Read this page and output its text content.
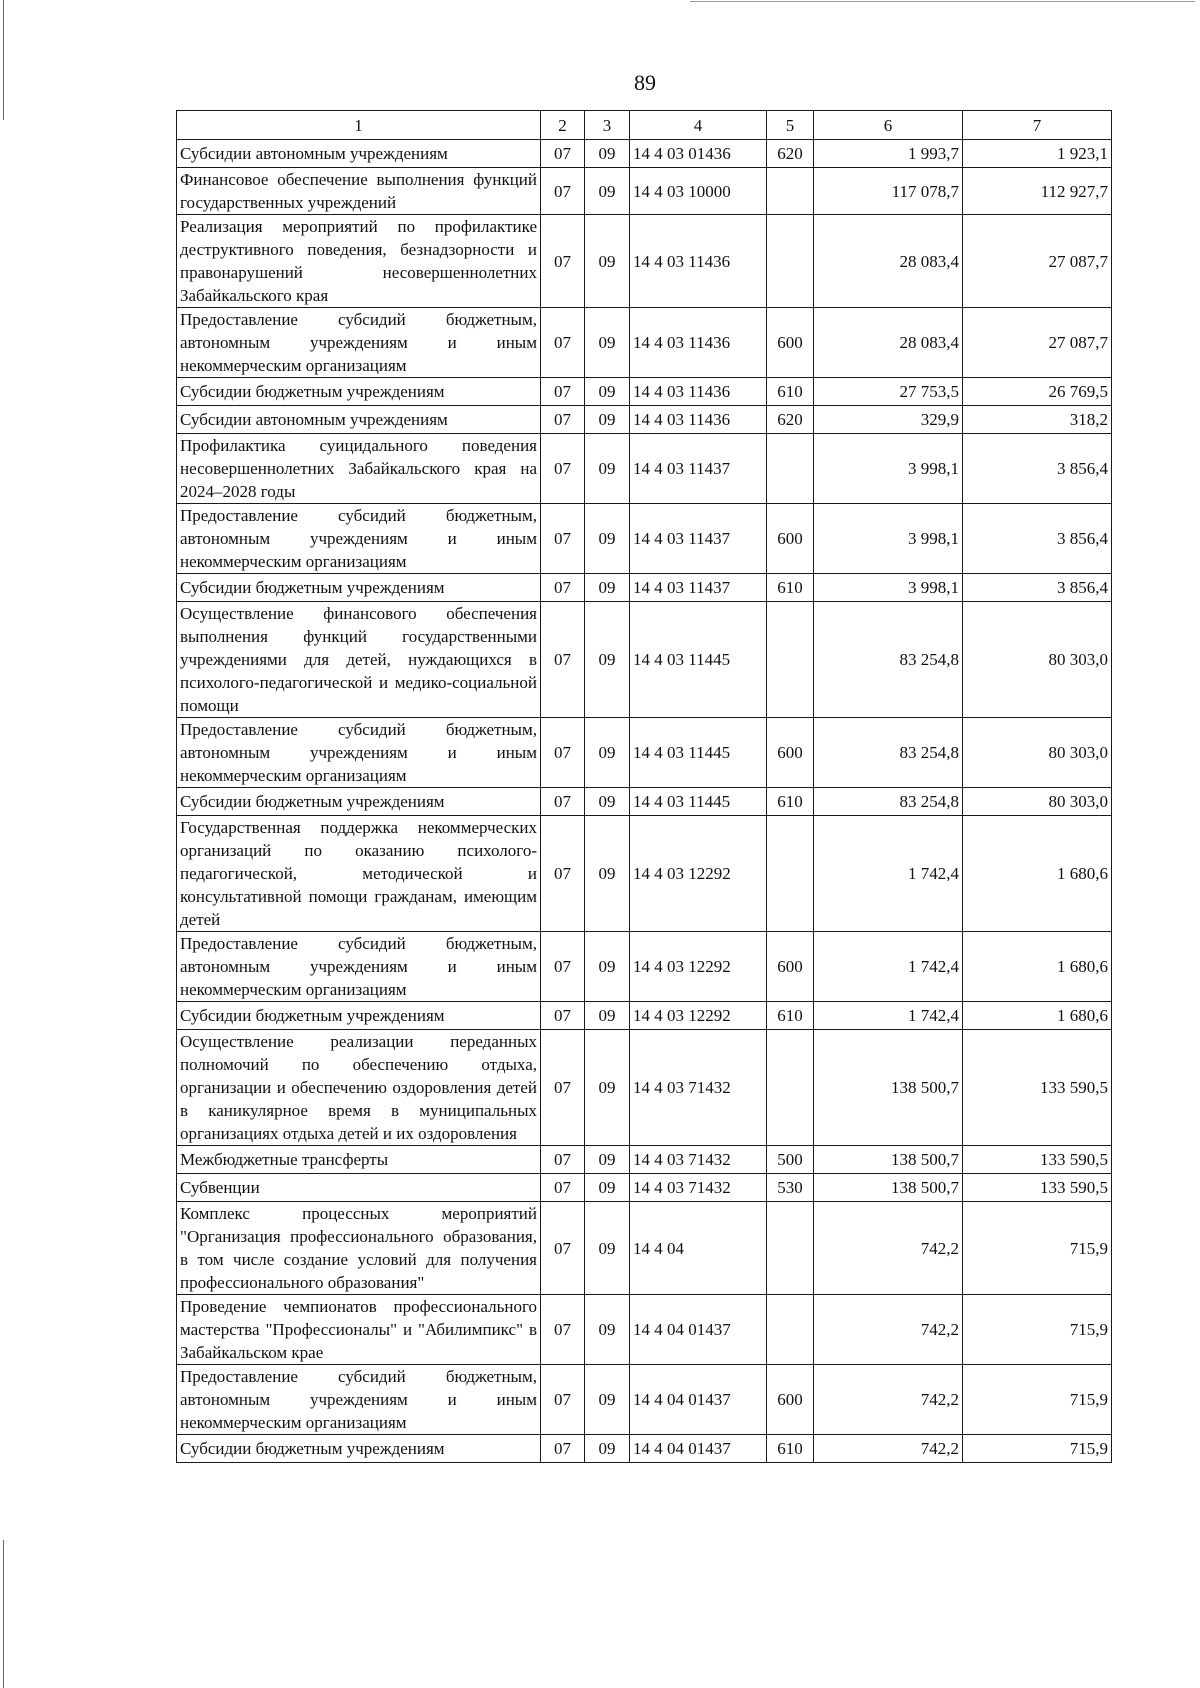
89
1	2	3	4	5	6	7
Субсидии автономным учреждениям	07	09	14 4 03 01436	620	1 993,7	1 923,1
Финансовое обеспечение выполнения функций государственных учреждений	07	09	14 4 03 10000		117 078,7	112 927,7
Реализация мероприятий по профилактике деструктивного поведения, безнадзорности и правонарушений несовершеннолетних Забайкальского края	07	09	14 4 03 11436		28 083,4	27 087,7
Предоставление субсидий бюджетным, автономным учреждениям и иным некоммерческим организациям	07	09	14 4 03 11436	600	28 083,4	27 087,7
Субсидии бюджетным учреждениям	07	09	14 4 03 11436	610	27 753,5	26 769,5
Субсидии автономным учреждениям	07	09	14 4 03 11436	620	329,9	318,2
Профилактика суицидального поведения несовершеннолетних Забайкальского края на 2024–2028 годы	07	09	14 4 03 11437		3 998,1	3 856,4
Предоставление субсидий бюджетным, автономным учреждениям и иным некоммерческим организациям	07	09	14 4 03 11437	600	3 998,1	3 856,4
Субсидии бюджетным учреждениям	07	09	14 4 03 11437	610	3 998,1	3 856,4
Осуществление финансового обеспечения выполнения функций государственными учреждениями для детей, нуждающихся в психолого-педагогической и медико-социальной помощи	07	09	14 4 03 11445		83 254,8	80 303,0
Предоставление субсидий бюджетным, автономным учреждениям и иным некоммерческим организациям	07	09	14 4 03 11445	600	83 254,8	80 303,0
Субсидии бюджетным учреждениям	07	09	14 4 03 11445	610	83 254,8	80 303,0
Государственная поддержка некоммерческих организаций по оказанию психолого-педагогической, методической и консультативной помощи гражданам, имеющим детей	07	09	14 4 03 12292		1 742,4	1 680,6
Предоставление субсидий бюджетным, автономным учреждениям и иным некоммерческим организациям	07	09	14 4 03 12292	600	1 742,4	1 680,6
Субсидии бюджетным учреждениям	07	09	14 4 03 12292	610	1 742,4	1 680,6
Осуществление реализации переданных полномочий по обеспечению отдыха, организации и обеспечению оздоровления детей в каникулярное время в муниципальных организациях отдыха детей и их оздоровления	07	09	14 4 03 71432		138 500,7	133 590,5
Межбюджетные трансферты	07	09	14 4 03 71432	500	138 500,7	133 590,5
Субвенции	07	09	14 4 03 71432	530	138 500,7	133 590,5
Комплекс процессных мероприятий "Организация профессионального образования, в том числе создание условий для получения профессионального образования"	07	09	14 4 04		742,2	715,9
Проведение чемпионатов профессионального мастерства "Профессионалы" и "Абилимпикс" в Забайкальском крае	07	09	14 4 04 01437		742,2	715,9
Предоставление субсидий бюджетным, автономным учреждениям и иным некоммерческим организациям	07	09	14 4 04 01437	600	742,2	715,9
Субсидии бюджетным учреждениям	07	09	14 4 04 01437	610	742,2	715,9
